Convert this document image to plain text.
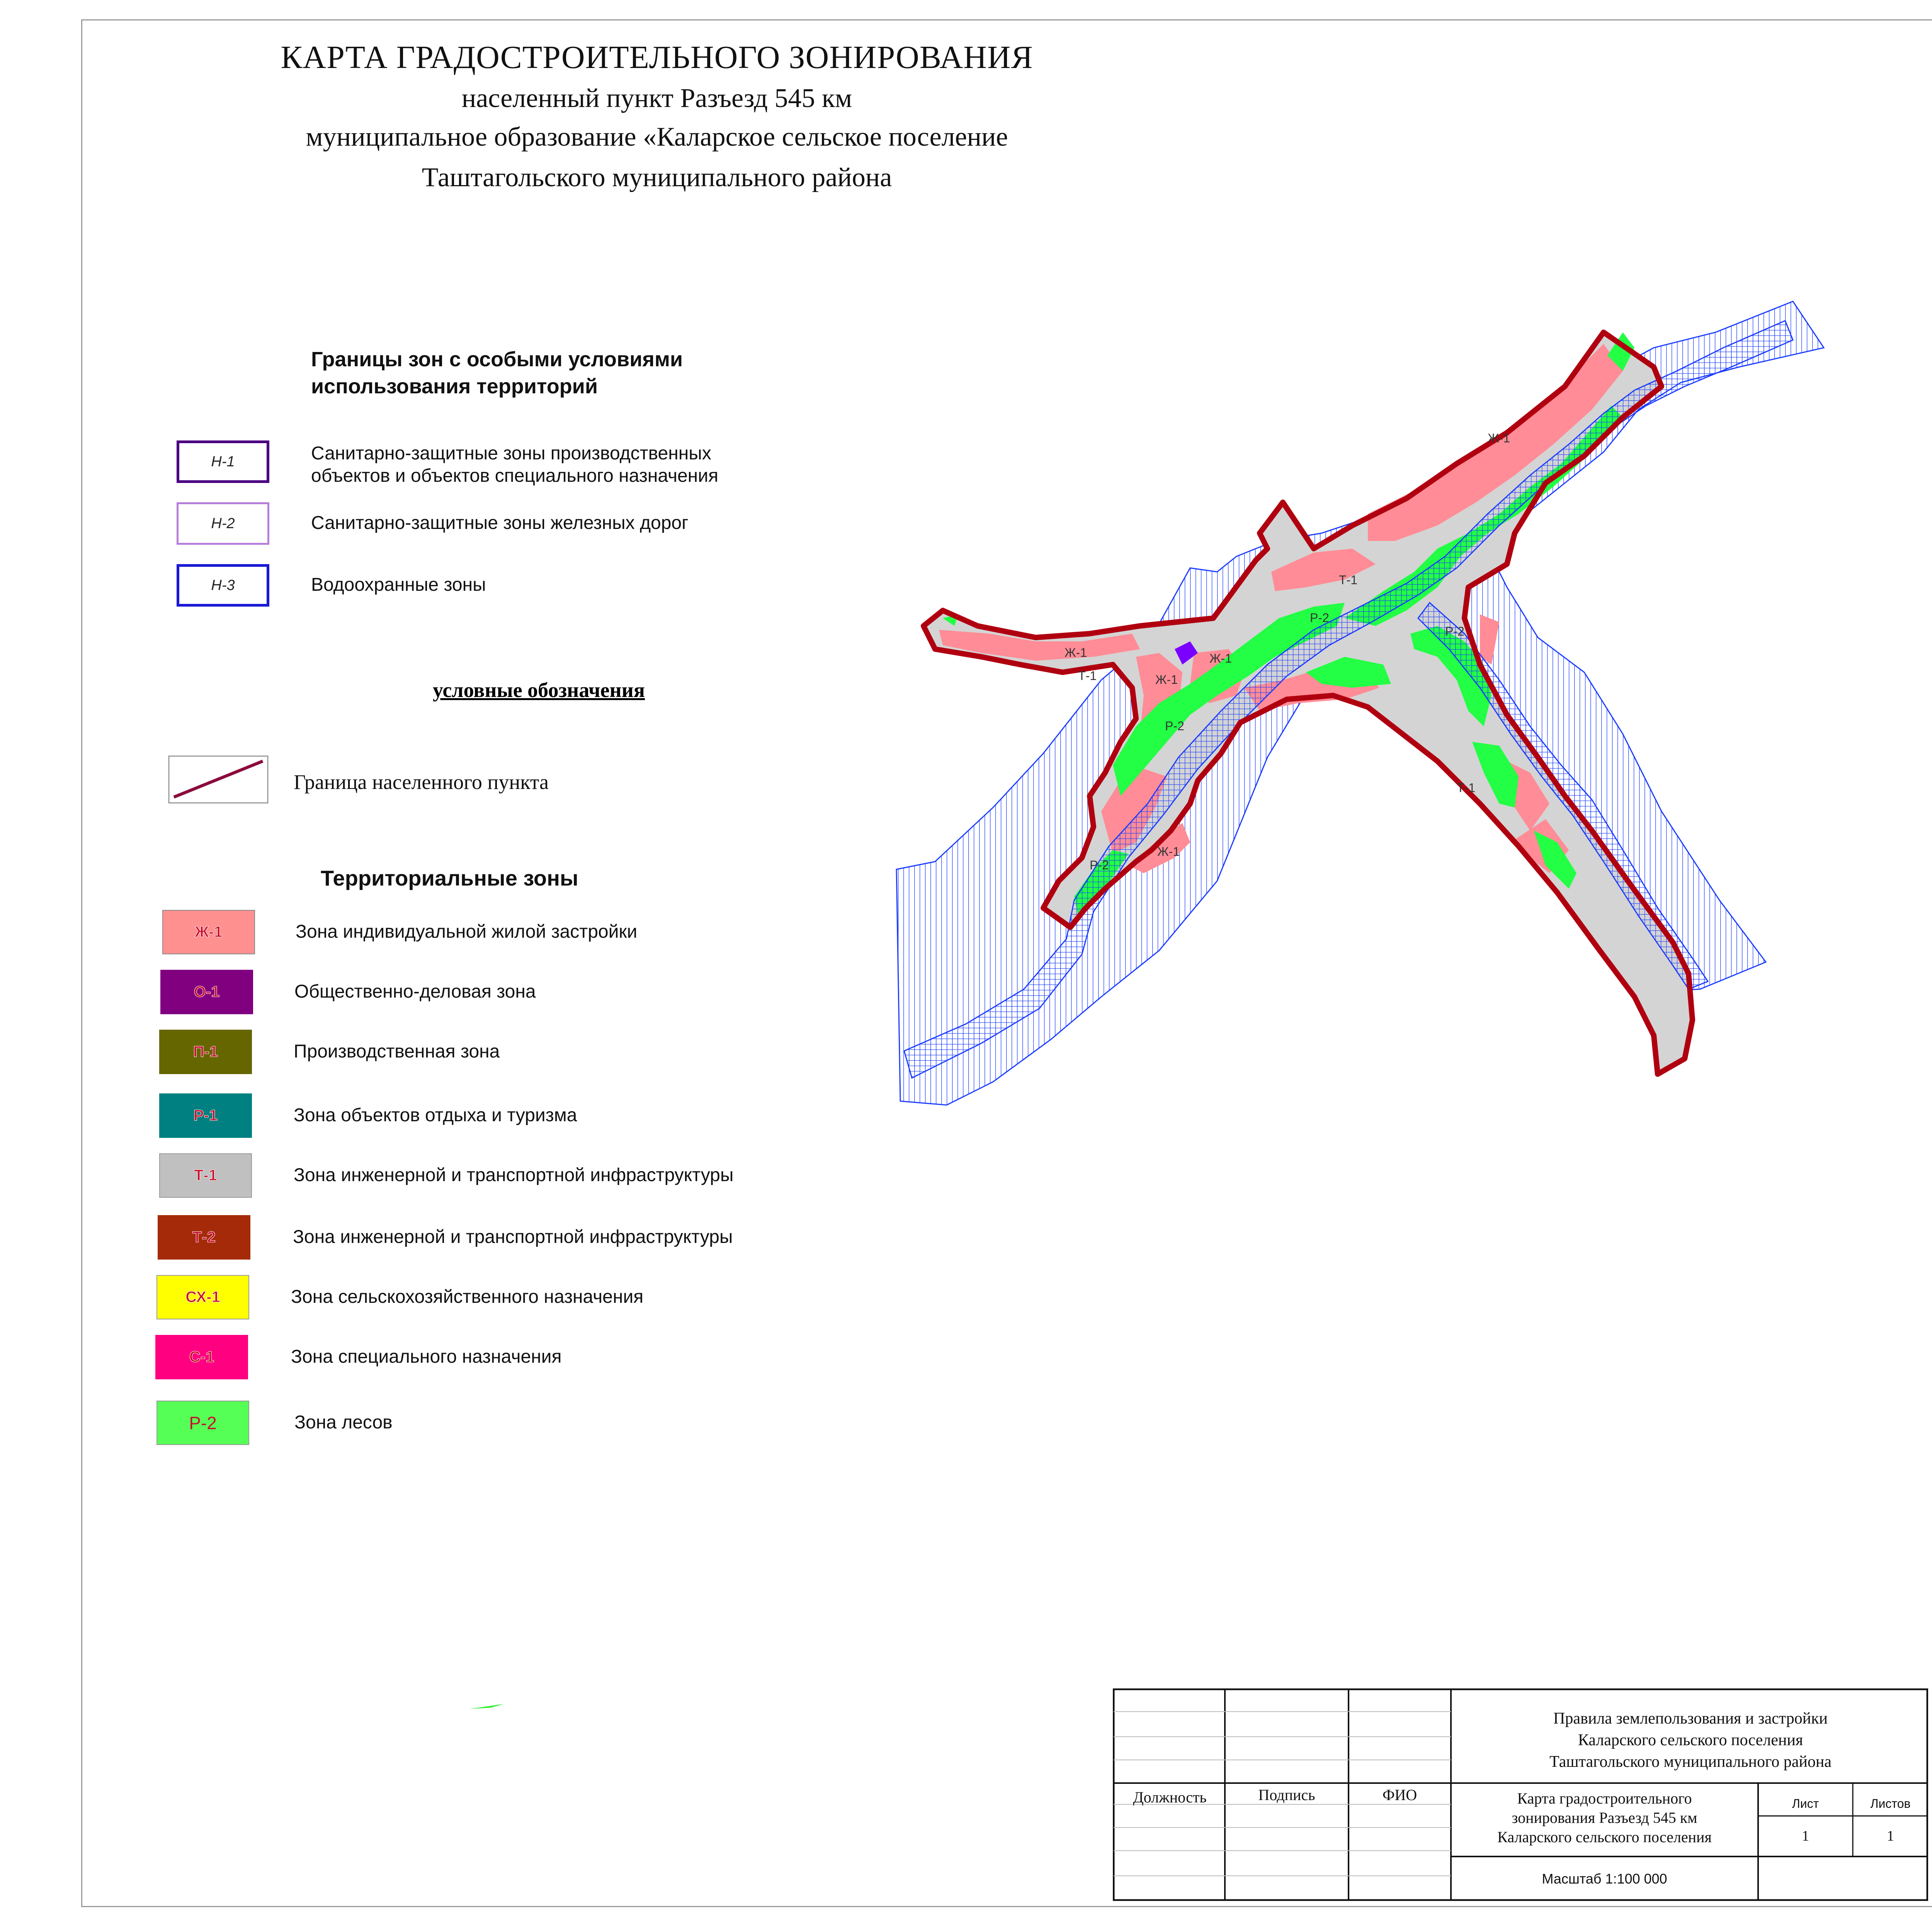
КАРТА ГРАДОСТРОИТЕЛЬНОГО ЗОНИРОВАНИЯ
населенный пункт Разъезд 545 км
муниципальное образование «Каларское сельское поселение
Таштагольского муниципального района
Границы зон с особыми условиями
использования территорий
Н-1	Санитарно-защитные зоны производственных
объектов и объектов специального назначения
Н-2	Санитарно-защитные зоны железных дорог
Н-3	Водоохранные зоны
условные обозначения
Граница населенного пункта
Территориальные зоны
Ж-1	Зона индивидуальной жилой застройки
О-1	Общественно-деловая зона
П-1	Производственная зона
Р-1	Зона объектов отдыха и туризма
Т-1	Зона инженерной и транспортной инфраструктуры
Т-2	Зона инженерной и транспортной инфраструктуры
СХ-1	Зона сельскохозяйственного назначения
С-1	Зона специального назначения
Р-2	Зона лесов
Ж-1
Т-1	Ж-1
Ж-1
Р-2
Т-1
Р-2
Р-2
Т-1
Р-2
Ж-1
Ж-1
Правила землепользования и застройки
Каларского сельского поселения
Таштагольского муниципального района
Должность	Подпись	ФИО	Карта градостроительного
зонирования Разъезд 545 км
Каларского сельского поселения
Лист	Листов
1	1
Масштаб 1:100 000
